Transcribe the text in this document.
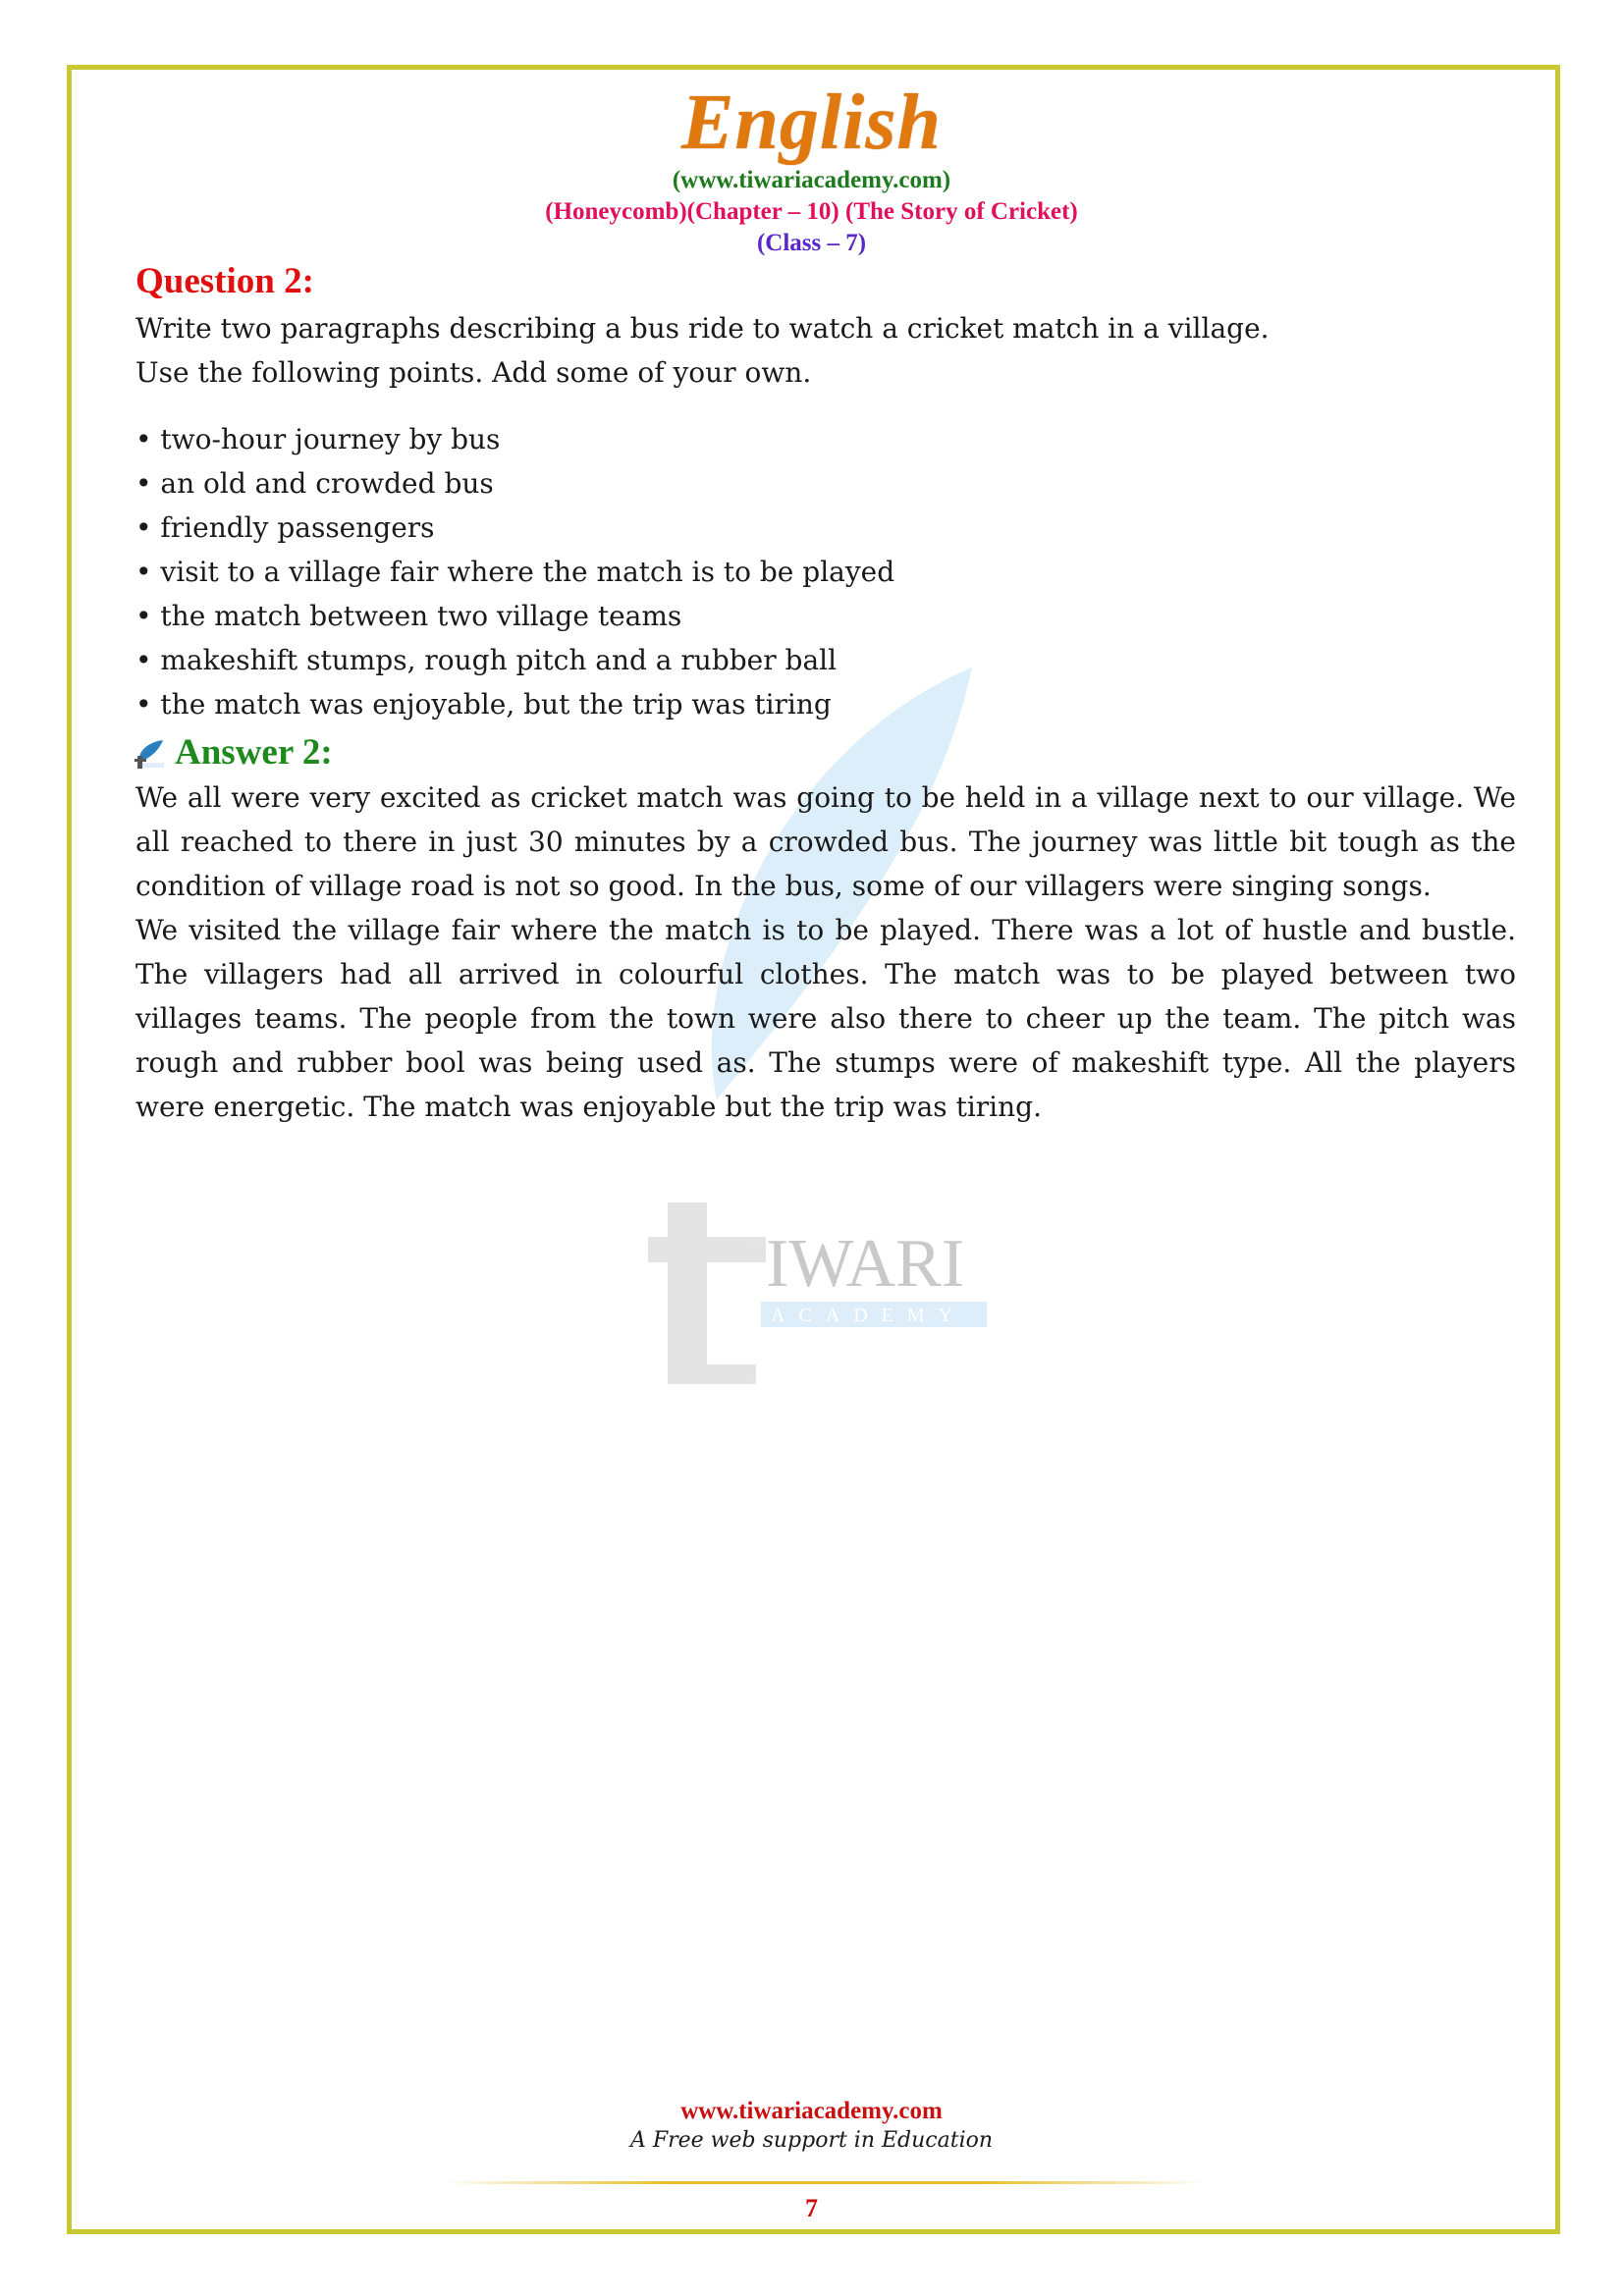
English
(www.tiwariacademy.com)
(Honeycomb)(Chapter – 10) (The Story of Cricket)
(Class – 7)
IWARI
ACADEMY
Question 2:
Write two paragraphs describing a bus ride to watch a cricket match in a village.
Use the following points. Add some of your own.
• two-hour journey by bus
• an old and crowded bus
• friendly passengers
• visit to a village fair where the match is to be played
• the match between two village teams
• makeshift stumps, rough pitch and a rubber ball
• the match was enjoyable, but the trip was tiring
Answer 2:

We all were very excited as cricket match was going to be held in a village next to our village. We all reached to there in just 30 minutes by a crowded bus. The journey was little bit tough as the condition of village road is not so good. In the bus, some of our villagers were singing songs.

We visited the village fair where the match is to be played. There was a lot of hustle and bustle. The villagers had all arrived in colourful clothes. The match was to be played between two villages teams. The people from the town were also there to cheer up the team. The pitch was rough and rubber bool was being used as. The stumps were of makeshift type. All the players were energetic. The match was enjoyable but the trip was tiring.

www.tiwariacademy.com
A Free web support in Education
7
